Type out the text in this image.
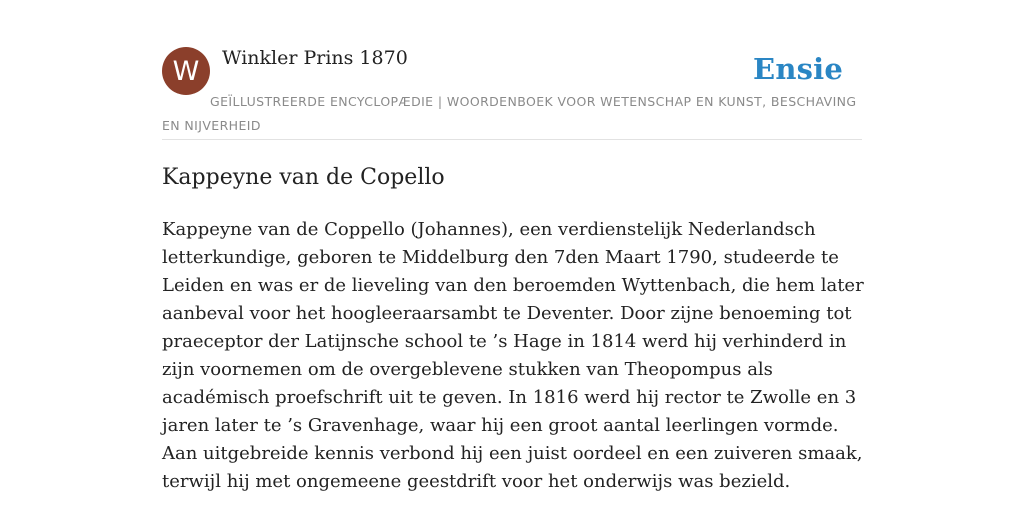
W	Winkler Prins 1870	Ensie
GEÏLLUSTREERDE ENCYCLOPÆDIE | WOORDENBOEK VOOR WETENSCHAP EN KUNST, BESCHAVING EN NIJVERHEID
Kappeyne van de Copello

Kappeyne van de Coppello (Johannes), een verdienstelijk Nederlandsch letterkundige, geboren te Middelburg den 7den Maart 1790, studeerde te Leiden en was er de lieveling van den beroemden Wyttenbach, die hem later aanbeval voor het hoogleeraarsambt te Deventer. Door zijne benoeming tot praeceptor der Latijnsche school te ’s Hage in 1814 werd hij verhinderd in zijn voornemen om de overgeblevene stukken van Theopompus als académisch proefschrift uit te geven. In 1816 werd hij rector te Zwolle en 3 jaren later te ’s Gravenhage, waar hij een groot aantal leerlingen vormde. Aan uitgebreide kennis verbond hij een juist oordeel en een zuiveren smaak, terwijl hij met ongemeene geestdrift voor het onderwijs was bezield.
